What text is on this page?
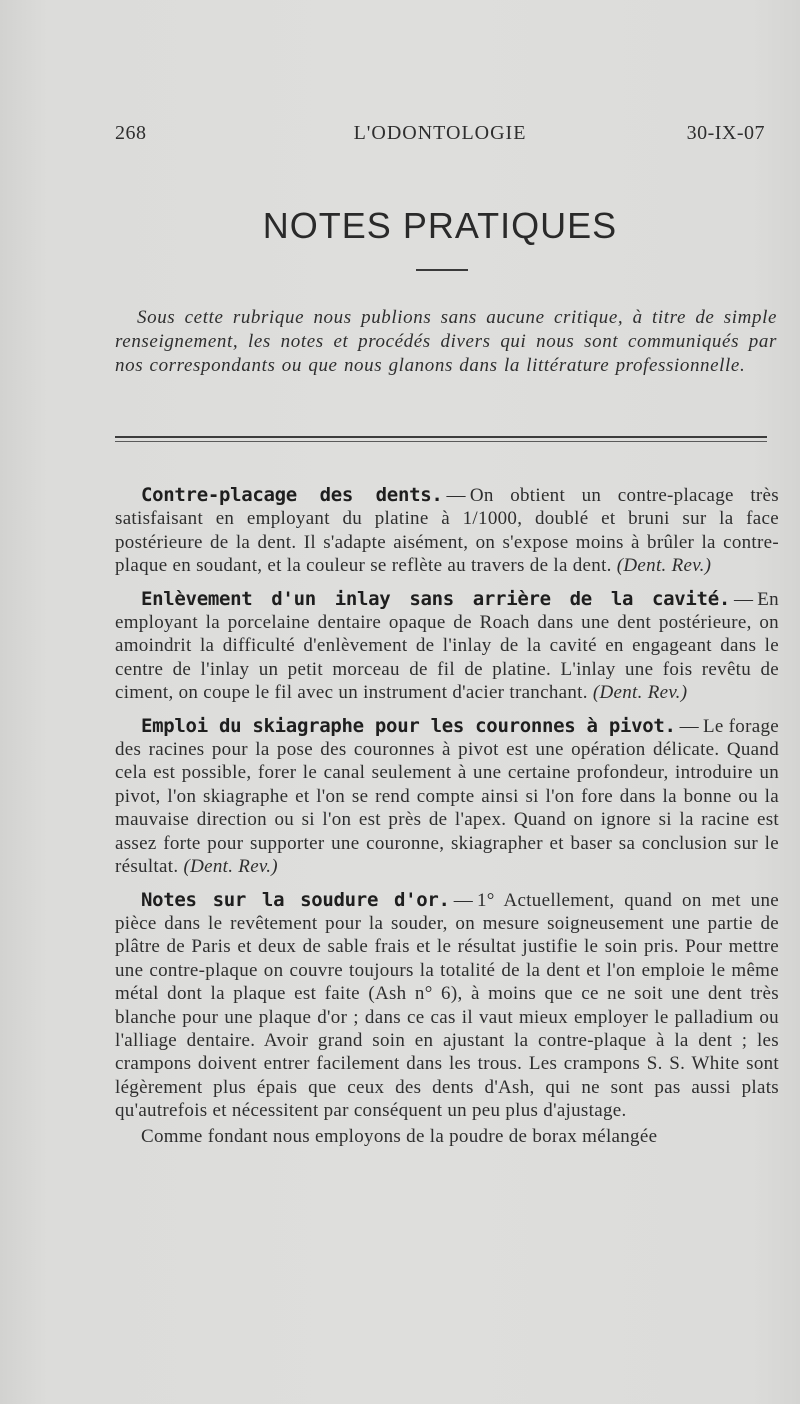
268	L'ODONTOLOGIE	30-IX-07
NOTES PRATIQUES
Sous cette rubrique nous publions sans aucune critique, à titre de simple renseignement, les notes et procédés divers qui nous sont communiqués par nos correspondants ou que nous glanons dans la littérature professionnelle.

Contre-placage des dents. — On obtient un contre-placage très satisfaisant en employant du platine à 1/1000, doublé et bruni sur la face postérieure de la dent. Il s'adapte aisément, on s'expose moins à brûler la contre-plaque en soudant, et la couleur se reflète au travers de la dent. (Dent. Rev.)

Enlèvement d'un inlay sans arrière de la cavité. — En employant la porcelaine dentaire opaque de Roach dans une dent postérieure, on amoindrit la difficulté d'enlèvement de l'inlay de la cavité en engageant dans le centre de l'inlay un petit morceau de fil de platine. L'inlay une fois revêtu de ciment, on coupe le fil avec un instrument d'acier tranchant. (Dent. Rev.)

Emploi du skiagraphe pour les couronnes à pivot. — Le forage des racines pour la pose des couronnes à pivot est une opération délicate. Quand cela est possible, forer le canal seulement à une certaine profondeur, introduire un pivot, l'on skiagraphe et l'on se rend compte ainsi si l'on fore dans la bonne ou la mauvaise direction ou si l'on est près de l'apex. Quand on ignore si la racine est assez forte pour supporter une couronne, skiagrapher et baser sa conclusion sur le résultat. (Dent. Rev.)

Notes sur la soudure d'or. — 1° Actuellement, quand on met une pièce dans le revêtement pour la souder, on mesure soigneusement une partie de plâtre de Paris et deux de sable frais et le résultat justifie le soin pris. Pour mettre une contre-plaque on couvre toujours la totalité de la dent et l'on emploie le même métal dont la plaque est faite (Ash n° 6), à moins que ce ne soit une dent très blanche pour une plaque d'or ; dans ce cas il vaut mieux employer le palladium ou l'alliage dentaire. Avoir grand soin en ajustant la contre-plaque à la dent ; les crampons doivent entrer facilement dans les trous. Les crampons S. S. White sont légèrement plus épais que ceux des dents d'Ash, qui ne sont pas aussi plats qu'autrefois et nécessitent par conséquent un peu plus d'ajustage.

Comme fondant nous employons de la poudre de borax mélangée
